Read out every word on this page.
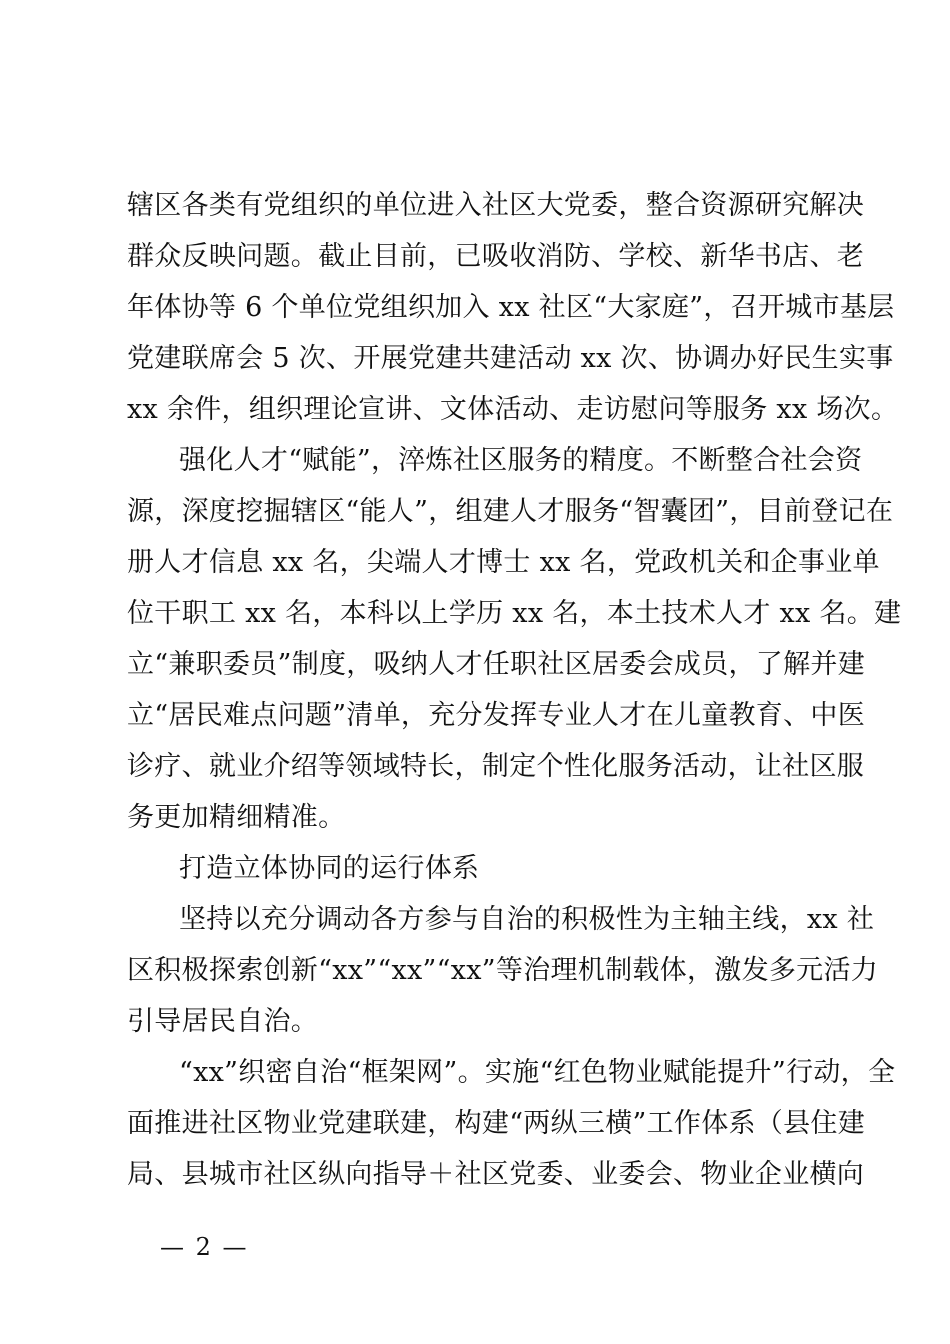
辖区各类有党组织的单位进入社区大党委，整合资源研究解决
群众反映问题。截止目前，已吸收消防、学校、新华书店、老
年体协等 6 个单位党组织加入 xx 社区“大家庭”，召开城市基层
党建联席会 5 次、开展党建共建活动 xx 次、协调办好民生实事
xx 余件，组织理论宣讲、文体活动、走访慰问等服务 xx 场次。
强化人才“赋能”，淬炼社区服务的精度。不断整合社会资
源，深度挖掘辖区“能人”，组建人才服务“智囊团”，目前登记在
册人才信息 xx 名，尖端人才博士 xx 名，党政机关和企事业单
位干职工 xx 名，本科以上学历 xx 名，本土技术人才 xx 名。建
立“兼职委员”制度，吸纳人才任职社区居委会成员，了解并建
立“居民难点问题”清单，充分发挥专业人才在儿童教育、中医
诊疗、就业介绍等领域特长，制定个性化服务活动，让社区服
务更加精细精准。
打造立体协同的运行体系
坚持以充分调动各方参与自治的积极性为主轴主线，xx 社
区积极探索创新“xx”“xx”“xx”等治理机制载体，激发多元活力
引导居民自治。
“xx”织密自治“框架网”。实施“红色物业赋能提升”行动，全
面推进社区物业党建联建，构建“两纵三横”工作体系（县住建
局、县城市社区纵向指导＋社区党委、业委会、物业企业横向
— 2 —
